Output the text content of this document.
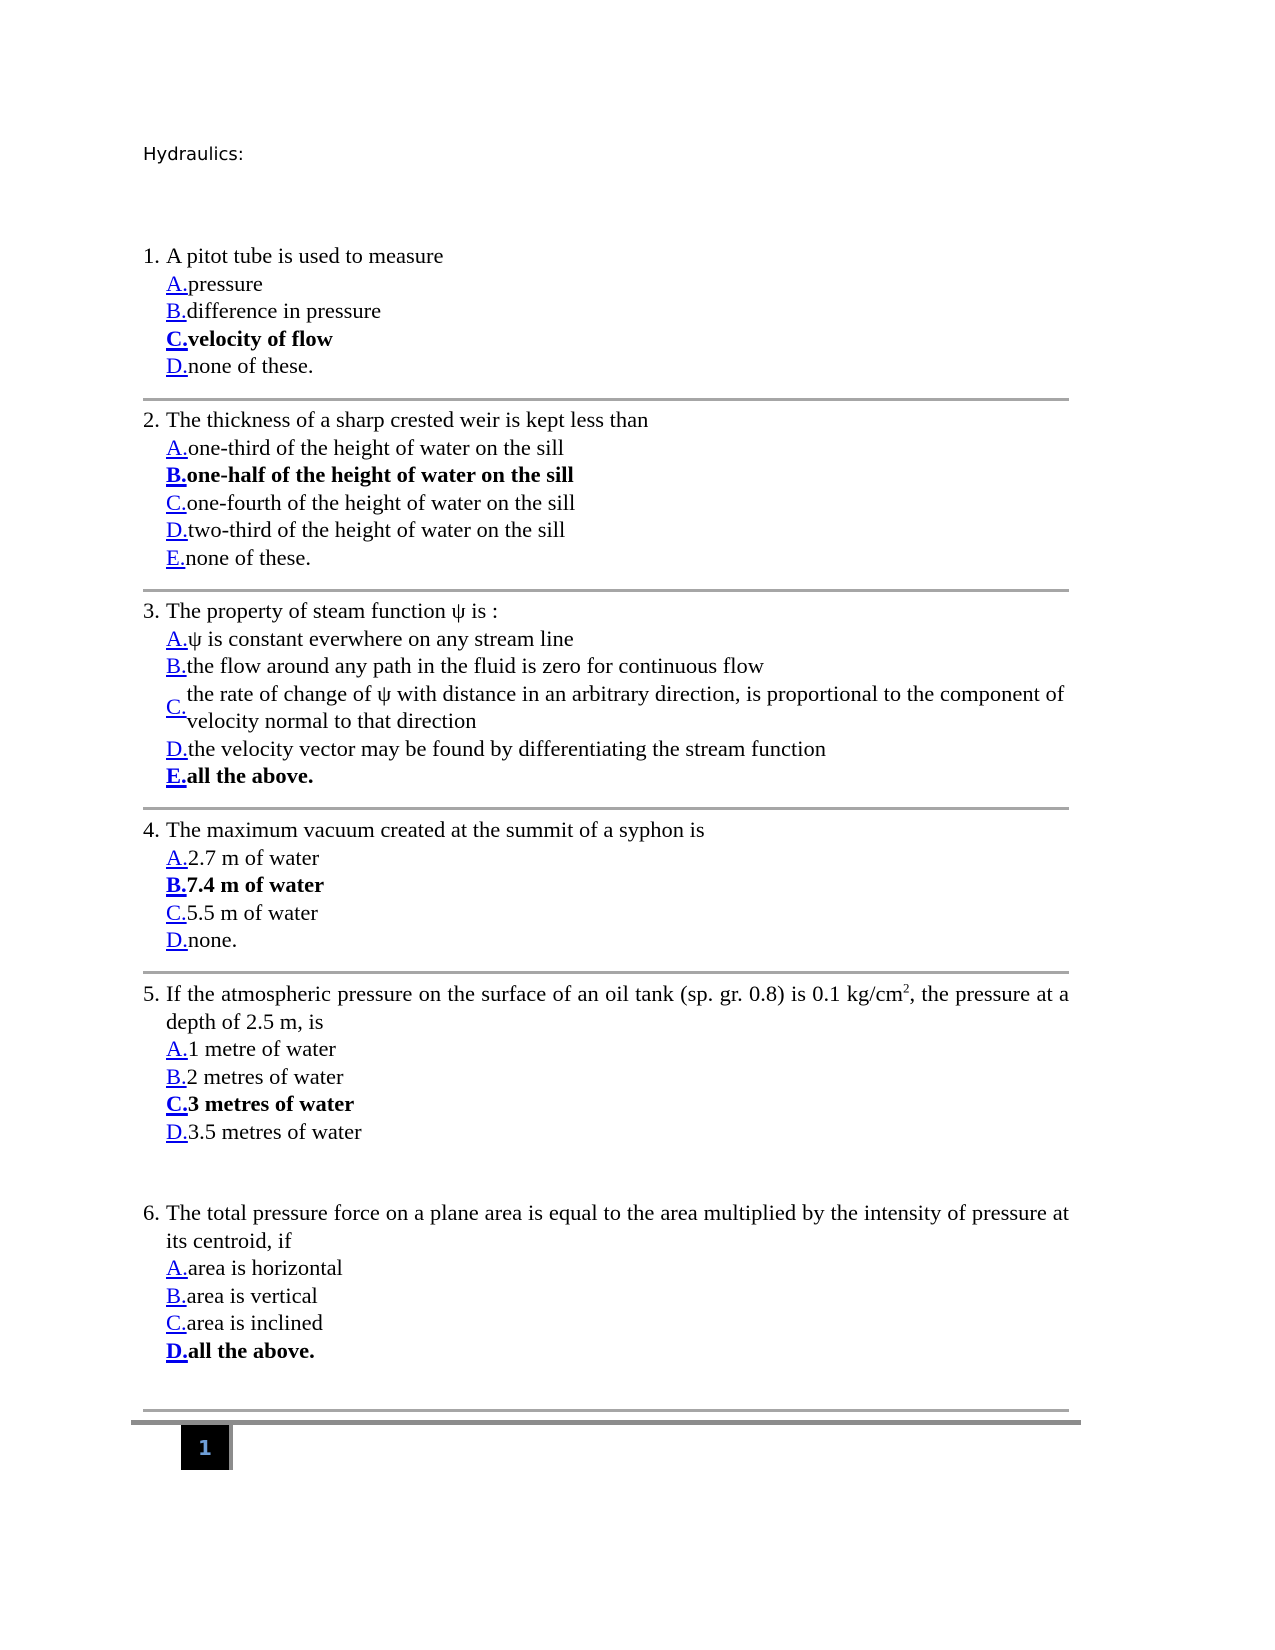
Hydraulics:
1. A pitot tube is used to measure
A. pressure
B. difference in pressure
C. velocity of flow
D. none of these.
2. The thickness of a sharp crested weir is kept less than
A. one-third of the height of water on the sill
B. one-half of the height of water on the sill
C. one-fourth of the height of water on the sill
D. two-third of the height of water on the sill
E. none of these.
3. The property of steam function ψ is :
A. ψ is constant everwhere on any stream line
B. the flow around any path in the fluid is zero for continuous flow
C.
the rate of change of ψ with distance in an arbitrary direction, is proportional to the component of velocity normal to that direction
D. the velocity vector may be found by differentiating the stream function
E. all the above.
4. The maximum vacuum created at the summit of a syphon is
A. 2.7 m of water
B. 7.4 m of water
C. 5.5 m of water
D. none.
5. If the atmospheric pressure on the surface of an oil tank (sp. gr. 0.8) is 0.1 $kg/cm^2$, the pressure at a depth of 2.5 m, is
A. 1 metre of water
B. 2 metres of water
C. 3 metres of water
D. 3.5 metres of water
6. The total pressure force on a plane area is equal to the area multiplied by the intensity of pressure at its centroid, if
A. area is horizontal
B. area is vertical
C. area is inclined
D. all the above.
1
